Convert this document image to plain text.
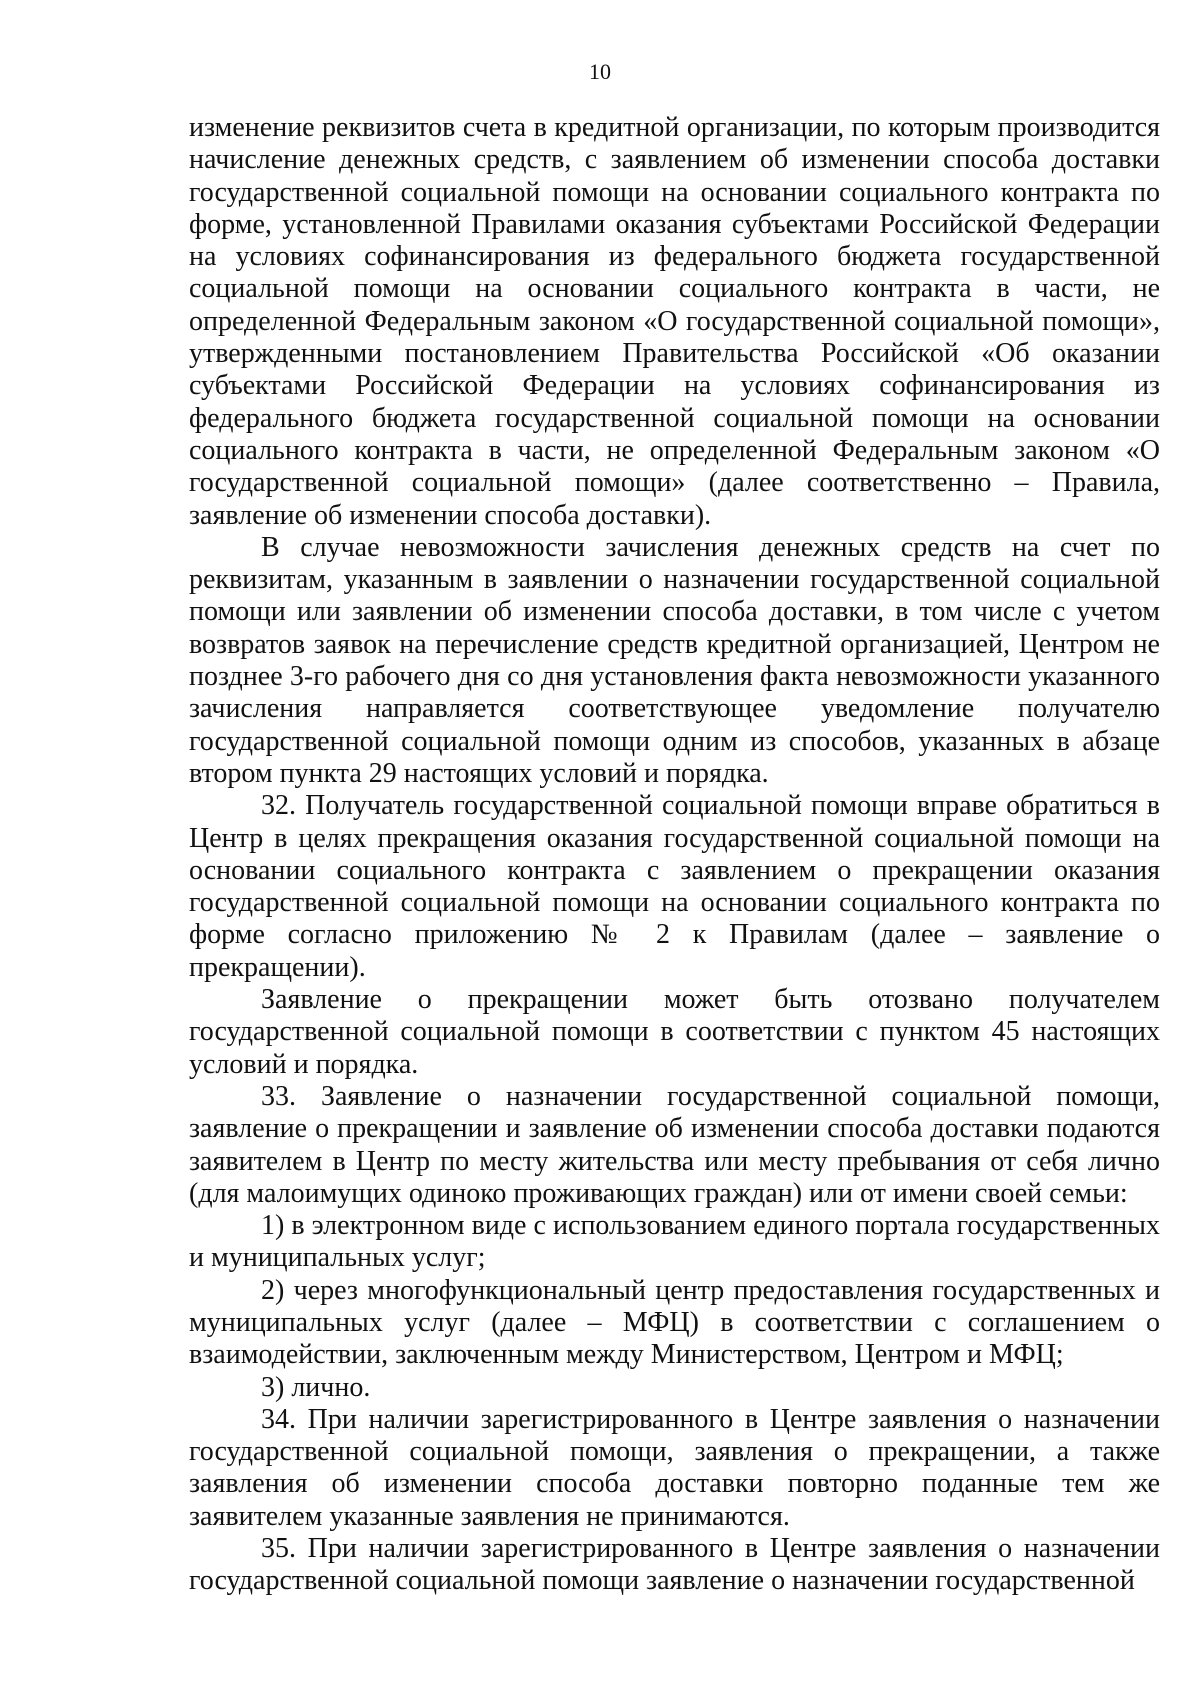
10

изменение реквизитов счета в кредитной организации, по которым производится начисление денежных средств, с заявлением об изменении способа доставки государственной социальной помощи на основании социального контракта по форме, установленной Правилами оказания субъектами Российской Федерации на условиях софинансирования из федерального бюджета государственной социальной помощи на основании социального контракта в части, не определенной Федеральным законом «О государственной социальной помощи», утвержденными постановлением Правительства Российской «Об оказании субъектами Российской Федерации на условиях софинансирования из федерального бюджета государственной социальной помощи на основании социального контракта в части, не определенной Федеральным законом «О государственной социальной помощи» (далее соответственно – Правила, заявление об изменении способа доставки).

В случае невозможности зачисления денежных средств на счет по реквизитам, указанным в заявлении о назначении государственной социальной помощи или заявлении об изменении способа доставки, в том числе с учетом возвратов заявок на перечисление средств кредитной организацией, Центром не позднее 3-го рабочего дня со дня установления факта невозможности указанного зачисления направляется соответствующее уведомление получателю государственной социальной помощи одним из способов, указанных в абзаце втором пункта 29 настоящих условий и порядка.

32. Получатель государственной социальной помощи вправе обратиться в Центр в целях прекращения оказания государственной социальной помощи на основании социального контракта с заявлением о прекращении оказания государственной социальной помощи на основании социального контракта по форме согласно приложению № 2 к Правилам (далее – заявление о прекращении).

Заявление о прекращении может быть отозвано получателем государственной социальной помощи в соответствии с пунктом 45 настоящих условий и порядка.

33. Заявление о назначении государственной социальной помощи, заявление о прекращении и заявление об изменении способа доставки подаются заявителем в Центр по месту жительства или месту пребывания от себя лично (для малоимущих одиноко проживающих граждан) или от имени своей семьи:

1) в электронном виде с использованием единого портала государственных и муниципальных услуг;

2) через многофункциональный центр предоставления государственных и муниципальных услуг (далее – МФЦ) в соответствии с соглашением о взаимодействии, заключенным между Министерством, Центром и МФЦ;

3) лично.

34. При наличии зарегистрированного в Центре заявления о назначении государственной социальной помощи, заявления о прекращении, а также заявления об изменении способа доставки повторно поданные тем же заявителем указанные заявления не принимаются.

35. При наличии зарегистрированного в Центре заявления о назначении государственной социальной помощи заявление о назначении государственной
